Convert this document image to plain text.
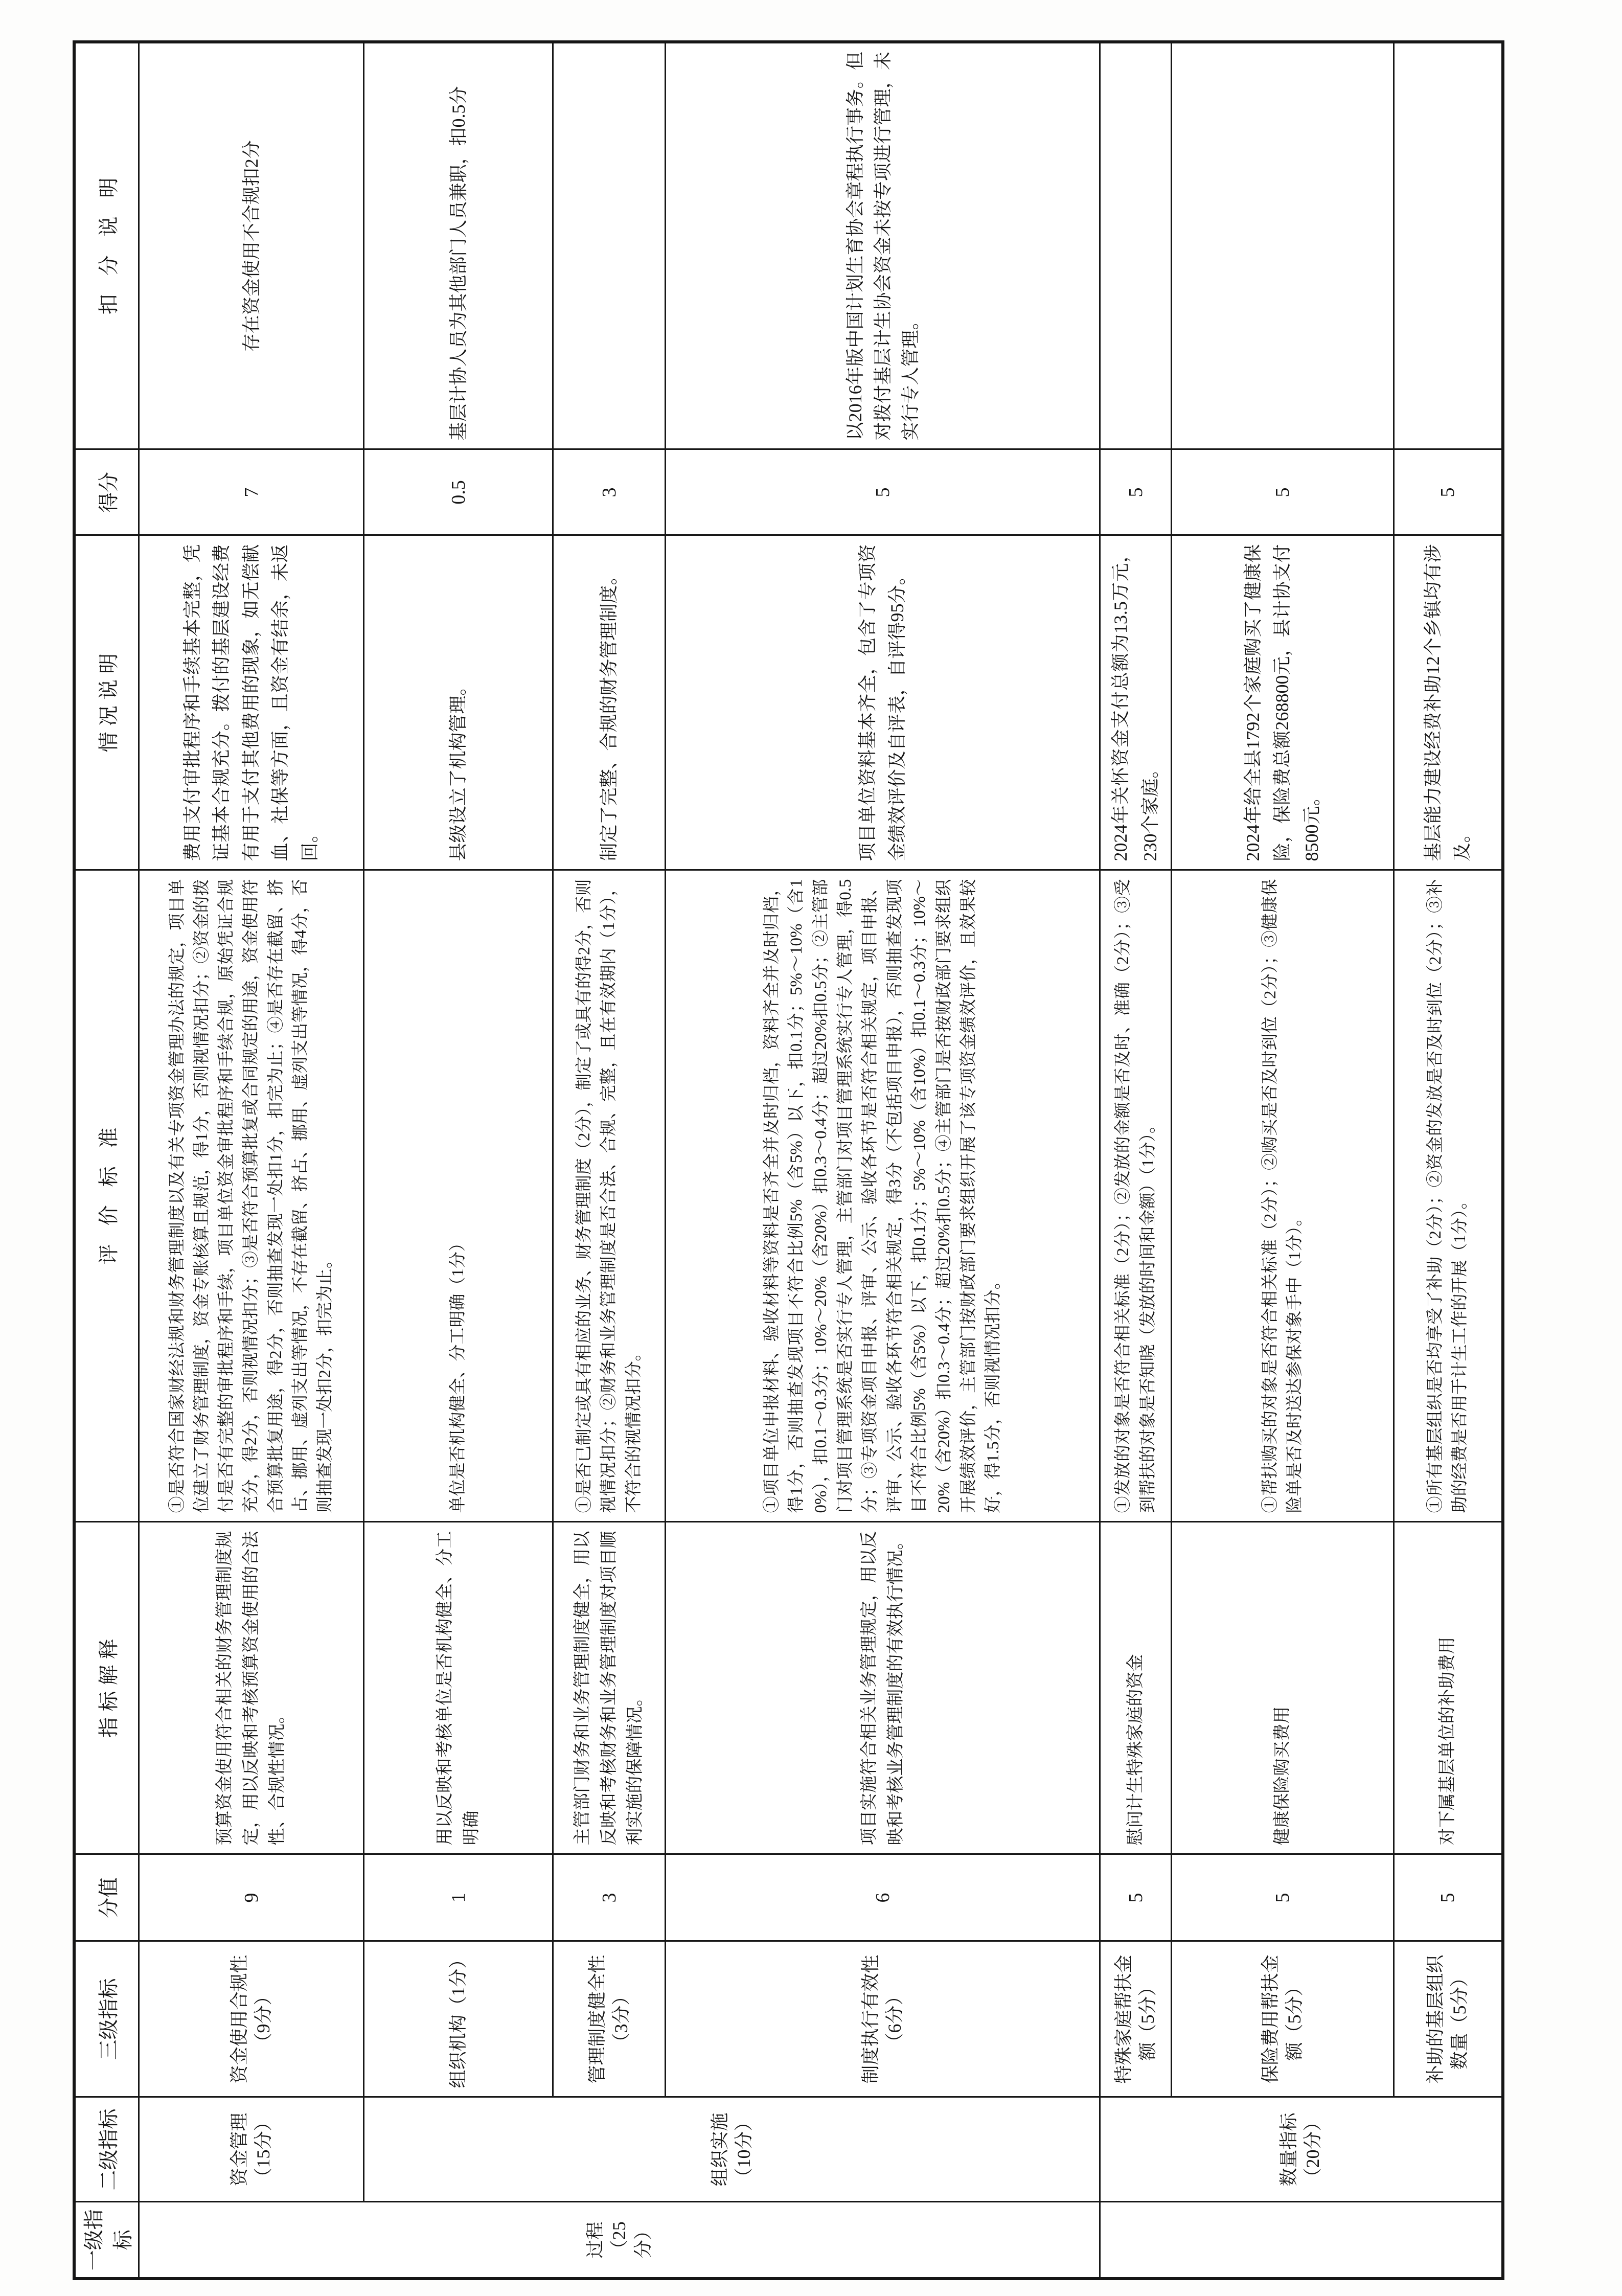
一级指标	二级指标	三级指标	分值	指标解释	评价标准	情况说明	得分	扣分说明
过程（25分）	资金管理（15分）	资金使用合规性（9分）	9	预算资金使用符合相关的财务管理制度规定，用以反映和考核预算资金使用的合法性、合规性情况。	①是否符合国家财经法规和财务管理制度以及有关专项资金管理办法的规定，项目单位建立了财务管理制度，资金专账核算且规范，得1分，否则视情况扣分；②资金的拨付是否有完整的审批程序和手续，项目单位资金审批程序和手续合规，原始凭证合规充分，得2分，否则视情况扣分；③是否符合预算批复或合同规定的用途，资金使用符合预算批复用途，得2分，否则抽查发现一处扣1分，扣完为止；④是否存在截留、挤占、挪用、虚列支出等情况，不存在截留、挤占、挪用、虚列支出等情况，得4分，否则抽查发现一处扣2分，扣完为止。	费用支付审批程序和手续基本完整，凭证基本合规充分。拨付的基层建设经费有用于支付其他费用的现象，如无偿献血、社保等方面，且资金有结余，未返回。	7	存在资金使用不合规扣2分
	组织实施（10分）	组织机构（1分）	1	用以反映和考核单位是否机构健全、分工明确	单位是否机构健全、分工明确（1分）	县级设立了机构管理。	0.5	基层计协人员为其他部门人员兼职，扣0.5分
		管理制度健全性（3分）	3	主管部门财务和业务管理制度健全，用以反映和考核财务和业务管理制度对项目顺利实施的保障情况。	①是否已制定或具有相应的业务、财务管理制度（2分），制定了或具有的得2分，否则视情况扣分；②财务和业务管理制度是否合法、合规、完整，且在有效期内（1分），不符合的视情况扣分。	制定了完整、合规的财务管理制度。	3	
		制度执行有效性（6分）	6	项目实施符合相关业务管理规定，用以反映和考核业务管理制度的有效执行情况。	①项目单位申报材料、验收材料等资料是否齐全并及时归档，资料齐全并及时归档，得1分，否则抽查发现项目不符合比例5%（含5%）以下，扣0.1分；5%～10%（含10%），扣0.1～0.3分；10%～20%（含20%）扣0.3～0.4分；超过20%扣0.5分；②主管部门对项目管理系统是否实行专人管理，主管部门对项目管理系统实行专人管理，得0.5分；③专项资金项目申报、评审、公示、验收各环节是否符合相关规定，项目申报、评审、公示、验收各环节符合相关规定，得3分（不包括项目申报），否则抽查发现项目不符合比例5%（含5%）以下，扣0.1分；5%～10%（含10%）扣0.1～0.3分；10%～20%（含20%）扣0.3～0.4分；超过20%扣0.5分；④主管部门是否按财政部门要求组织开展绩效评价，主管部门按财政部门要求组织开展了该专项资金绩效评价，且效果较好，得1.5分，否则视情况扣分。	项目单位资料基本齐全，包含了专项资金绩效评价及自评表，自评得95分。	5	以2016年版中国计划生育协会章程执行事务。但对拨付基层计生协会资金未按专项进行管理，未实行专人管理。
	数量指标（20分）	特殊家庭帮扶金额（5分）	5	慰问计生特殊家庭的资金	①发放的对象是否符合相关标准（2分）；②发放的金额是否及时、准确（2分）；③受到帮扶的对象是否知晓（发放的时间和金额）（1分）。	2024年关怀资金支付总额为13.5万元，230个家庭。	5	
		保险费用帮扶金额（5分）	5	健康保险购买费用	①帮扶购买的对象是否符合相关标准（2分）；②购买是否及时到位（2分）；③健康保险单是否及时送达参保对象手中（1分）。	2024年给全县1792个家庭购买了健康保险，保险费总额268800元，县计协支付8500元。	5	
		补助的基层组织数量（5分）	5	对下属基层单位的补助费用	①所有基层组织是否均享受了补助（2分）；②资金的发放是否及时到位（2分）；③补助的经费是否用于计生工作的开展（1分）。	基层能力建设经费补助12个乡镇均有涉及。	5	
